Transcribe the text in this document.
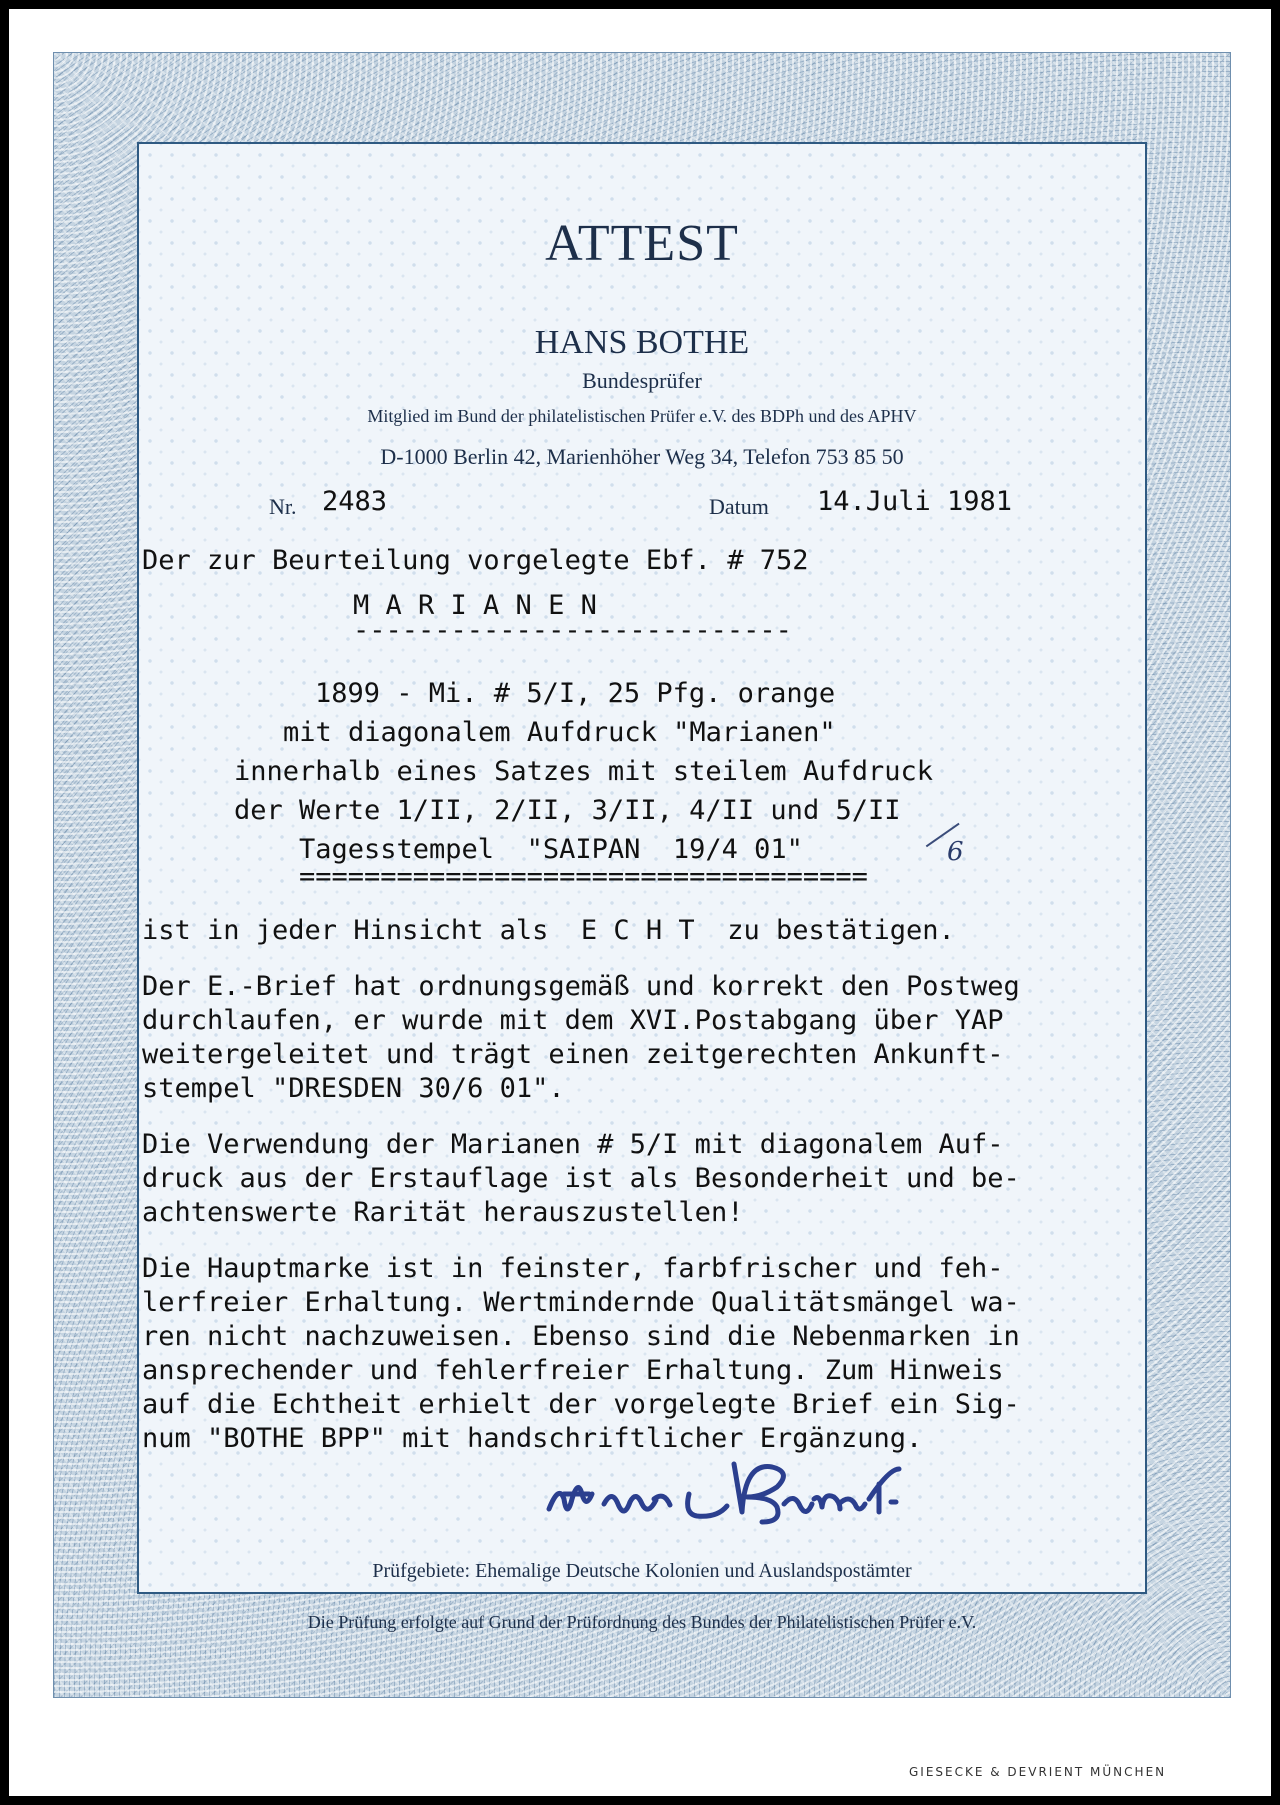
ATTEST
HANS BOTHE
Bundesprüfer
Mitglied im Bund der philatelistischen Prüfer e.V. des BDPh und des APHV
D-1000 Berlin 42, Marienhöher Weg 34, Telefon 753 85 50
Nr. 2483	Datum 14.Juli 1981
Der zur Beurteilung vorgelegte Ebf. # 752
M A R I A N E N
---------------------------
1899 - Mi. # 5/I, 25 Pfg. orange
mit diagonalem Aufdruck "Marianen"
innerhalb eines Satzes mit steilem Aufdruck
der Werte 1/II, 2/II, 3/II, 4/II und 5/II
Tagesstempel  "SAIPAN  19/4 01"	6
===================================
ist in jeder Hinsicht als  E C H T  zu bestätigen.
Der E.-Brief hat ordnungsgemäß und korrekt den Postweg
durchlaufen, er wurde mit dem XVI.Postabgang über YAP
weitergeleitet und trägt einen zeitgerechten Ankunft-
stempel "DRESDEN 30/6 01".
Die Verwendung der Marianen # 5/I mit diagonalem Auf-
druck aus der Erstauflage ist als Besonderheit und be-
achtenswerte Rarität herauszustellen!
Die Hauptmarke ist in feinster, farbfrischer und feh-
lerfreier Erhaltung. Wertmindernde Qualitätsmängel wa-
ren nicht nachzuweisen. Ebenso sind die Nebenmarken in
ansprechender und fehlerfreier Erhaltung. Zum Hinweis
auf die Echtheit erhielt der vorgelegte Brief ein Sig-
num "BOTHE BPP" mit handschriftlicher Ergänzung.
Prüfgebiete: Ehemalige Deutsche Kolonien und Auslandspostämter
Die Prüfung erfolgte auf Grund der Prüfordnung des Bundes der Philatelistischen Prüfer e.V.
GIESECKE & DEVRIENT MÜNCHEN
